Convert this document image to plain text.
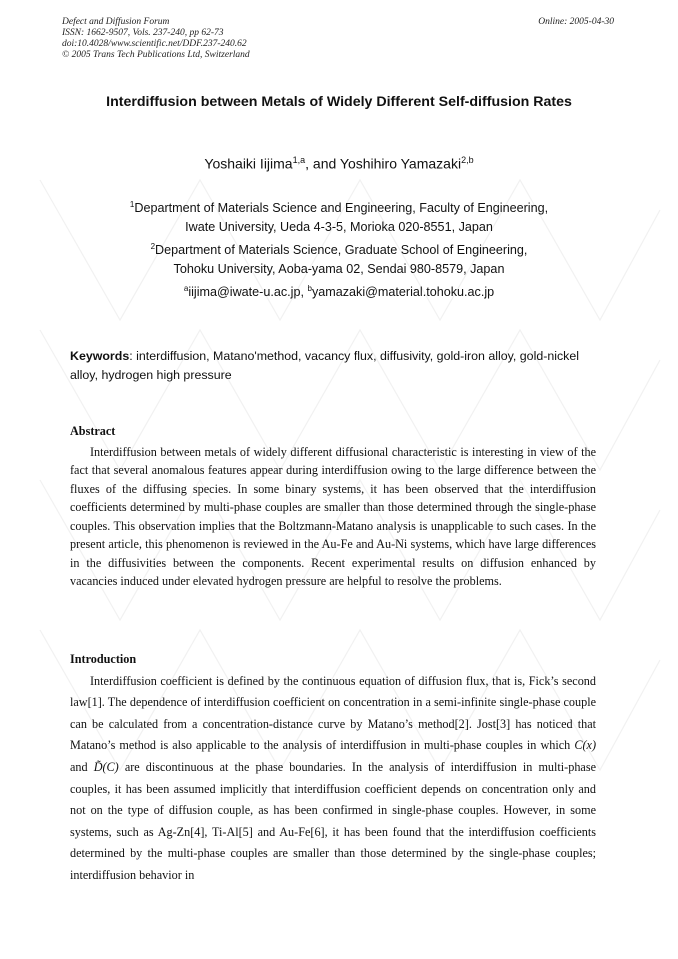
Defect and Diffusion Forum
ISSN: 1662-9507, Vols. 237-240, pp 62-73
doi:10.4028/www.scientific.net/DDF.237-240.62
© 2005 Trans Tech Publications Ltd, Switzerland
Online: 2005-04-30
Interdiffusion between Metals of Widely Different Self-diffusion Rates
Yoshaiki Iijima$^{1,a}$, and Yoshihiro Yamazaki$^{2,b}$
$^1$Department of Materials Science and Engineering, Faculty of Engineering,
Iwate University, Ueda 4-3-5, Morioka 020-8551, Japan
$^2$Department of Materials Science, Graduate School of Engineering,
Tohoku University, Aoba-yama 02, Sendai 980-8579, Japan
$^a$iijima@iwate-u.ac.jp, $^b$yamazaki@material.tohoku.ac.jp
Keywords: interdiffusion, Matano'method, vacancy flux, diffusivity, gold-iron alloy, gold-nickel alloy, hydrogen high pressure
Abstract

Interdiffusion between metals of widely different diffusional characteristic is interesting in view of the fact that several anomalous features appear during interdiffusion owing to the large difference between the fluxes of the diffusing species. In some binary systems, it has been observed that the interdiffusion coefficients determined by multi-phase couples are smaller than those determined through the single-phase couples. This observation implies that the Boltzmann-Matano analysis is unapplicable to such cases. In the present article, this phenomenon is reviewed in the Au-Fe and Au-Ni systems, which have large differences in the diffusivities between the components. Recent experimental results on diffusion enhanced by vacancies induced under elevated hydrogen pressure are helpful to resolve the problems.

Introduction

Interdiffusion coefficient is defined by the continuous equation of diffusion flux, that is, Fick’s second law[1]. The dependence of interdiffusion coefficient on concentration in a semi-infinite single-phase couple can be calculated from a concentration-distance curve by Matano’s method[2]. Jost[3] has noticed that Matano’s method is also applicable to the analysis of interdiffusion in multi-phase couples in which C(x) and D̃(C) are discontinuous at the phase boundaries. In the analysis of interdiffusion in multi-phase couples, it has been assumed implicitly that interdiffusion coefficient depends on concentration only and not on the type of diffusion couple, as has been confirmed in single-phase couples. However, in some systems, such as Ag-Zn[4], Ti-Al[5] and Au-Fe[6], it has been found that the interdiffusion coefficients determined by the multi-phase couples are smaller than those determined by the single-phase couples; interdiffusion behavior in
